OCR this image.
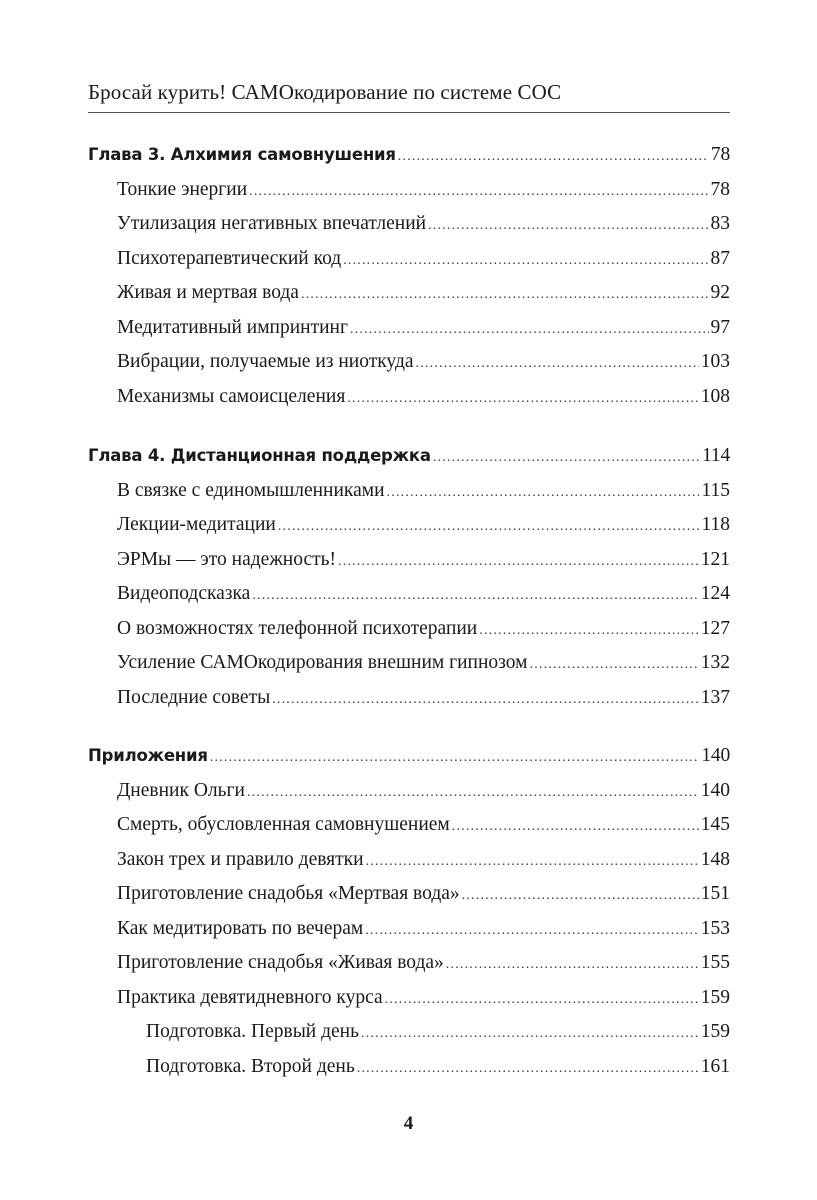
Бросай курить! САМОкодирование по системе СОС
Глава 3. Алхимия самовнушения .....	78
Тонкие энергии .....	78
Утилизация негативных впечатлений .....	83
Психотерапевтический код .....	87
Живая и мертвая вода .....	92
Медитативный импринтинг .....	97
Вибрации, получаемые из ниоткуда .....	103
Механизмы самоисцеления .....	108
Глава 4. Дистанционная поддержка .....	114
В связке с единомышленниками .....	115
Лекции-медитации .....	118
ЭРМы — это надежность! .....	121
Видеоподсказка .....	124
О возможностях телефонной психотерапии .....	127
Усиление САМОкодирования внешним гипнозом .....	132
Последние советы .....	137
Приложения .....	140
Дневник Ольги .....	140
Смерть, обусловленная самовнушением .....	145
Закон трех и правило девятки .....	148
Приготовление снадобья «Мертвая вода» .....	151
Как медитировать по вечерам .....	153
Приготовление снадобья «Живая вода» .....	155
Практика девятидневного курса .....	159
Подготовка. Первый день .....	159
Подготовка. Второй день .....	161
4
